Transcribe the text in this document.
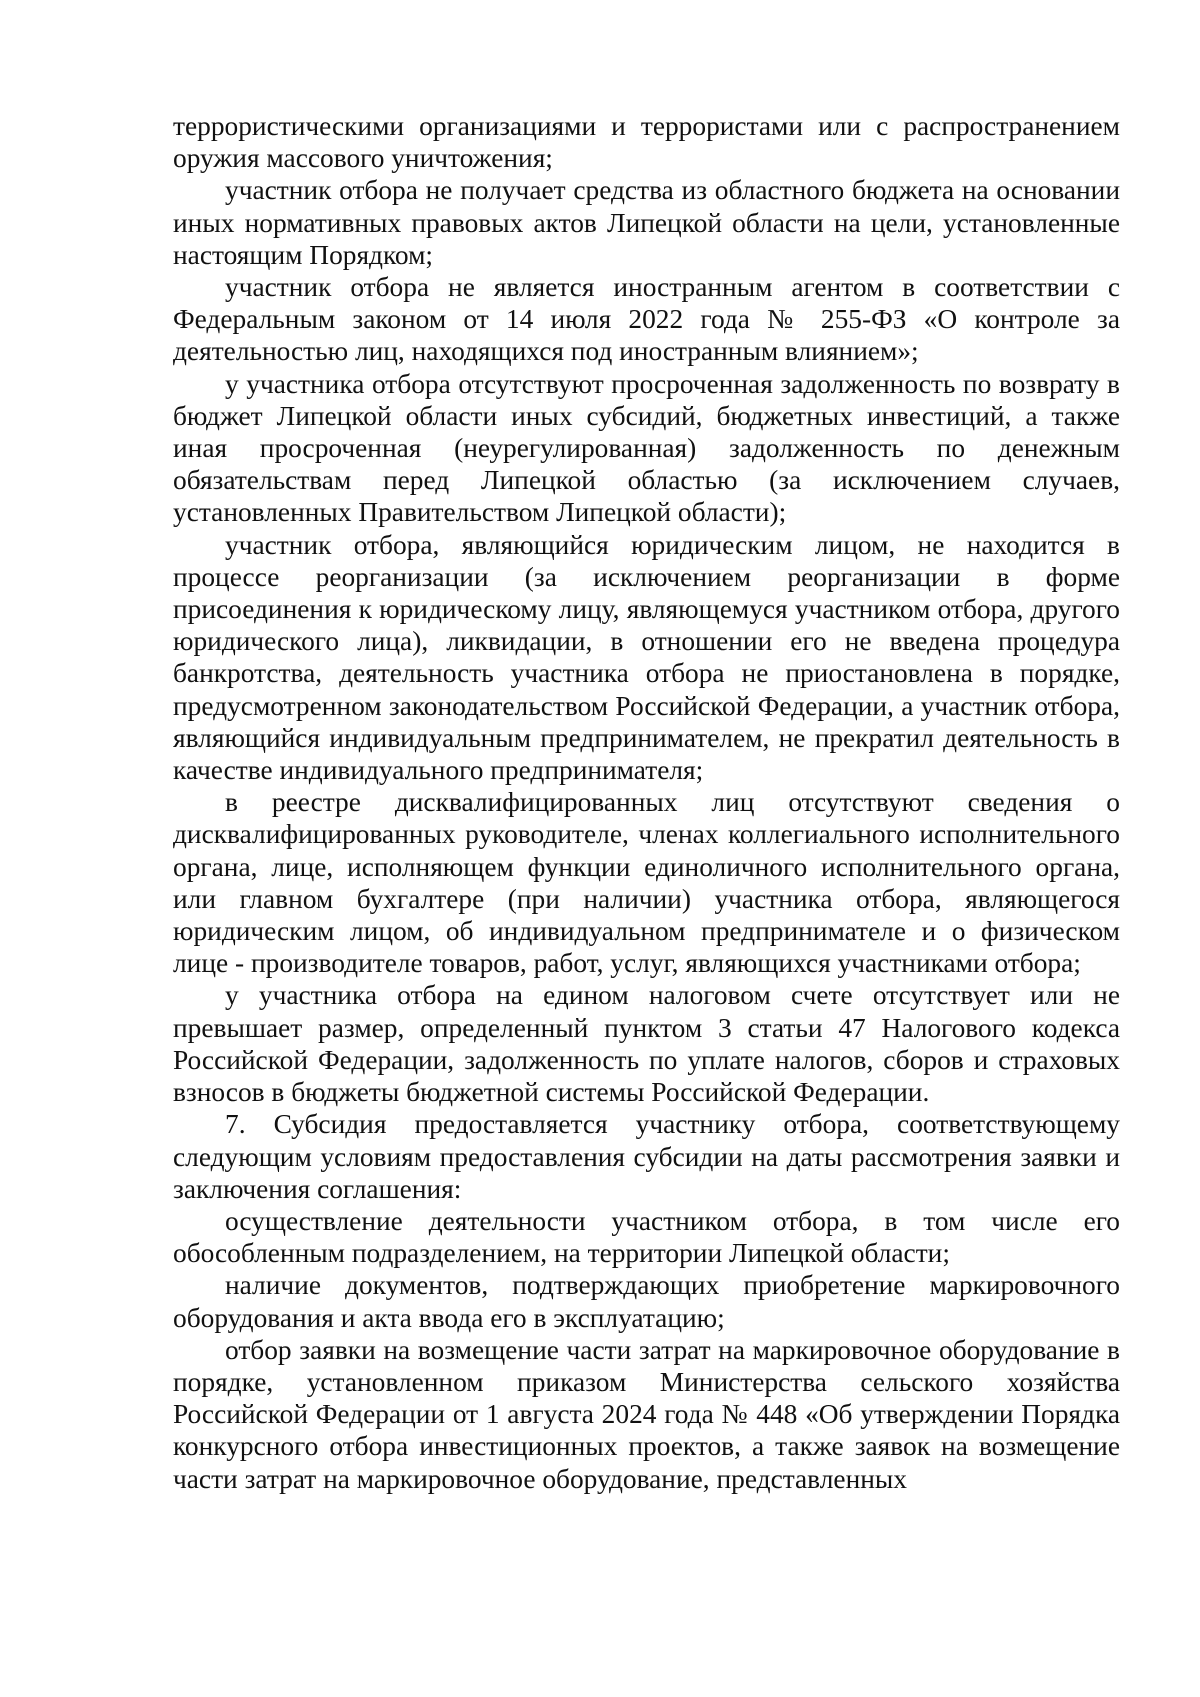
террористическими организациями и террористами или с распространением оружия массового уничтожения;

участник отбора не получает средства из областного бюджета на основании иных нормативных правовых актов Липецкой области на цели, установленные настоящим Порядком;

участник отбора не является иностранным агентом в соответствии с Федеральным законом от 14 июля 2022 года № 255-ФЗ «О контроле за деятельностью лиц, находящихся под иностранным влиянием»;

у участника отбора отсутствуют просроченная задолженность по возврату в бюджет Липецкой области иных субсидий, бюджетных инвестиций, а также иная просроченная (неурегулированная) задолженность по денежным обязательствам перед Липецкой областью (за исключением случаев, установленных Правительством Липецкой области);

участник отбора, являющийся юридическим лицом, не находится в процессе реорганизации (за исключением реорганизации в форме присоединения к юридическому лицу, являющемуся участником отбора, другого юридического лица), ликвидации, в отношении его не введена процедура банкротства, деятельность участника отбора не приостановлена в порядке, предусмотренном законодательством Российской Федерации, а участник отбора, являющийся индивидуальным предпринимателем, не прекратил деятельность в качестве индивидуального предпринимателя;

в реестре дисквалифицированных лиц отсутствуют сведения о дисквалифицированных руководителе, членах коллегиального исполнительного органа, лице, исполняющем функции единоличного исполнительного органа, или главном бухгалтере (при наличии) участника отбора, являющегося юридическим лицом, об индивидуальном предпринимателе и о физическом лице - производителе товаров, работ, услуг, являющихся участниками отбора;

у участника отбора на едином налоговом счете отсутствует или не превышает размер, определенный пунктом 3 статьи 47 Налогового кодекса Российской Федерации, задолженность по уплате налогов, сборов и страховых взносов в бюджеты бюджетной системы Российской Федерации.

7. Субсидия предоставляется участнику отбора, соответствующему следующим условиям предоставления субсидии на даты рассмотрения заявки и заключения соглашения:

осуществление деятельности участником отбора, в том числе его обособленным подразделением, на территории Липецкой области;

наличие документов, подтверждающих приобретение маркировочного оборудования и акта ввода его в эксплуатацию;

отбор заявки на возмещение части затрат на маркировочное оборудование в порядке, установленном приказом Министерства сельского хозяйства Российской Федерации от 1 августа 2024 года № 448 «Об утверждении Порядка конкурсного отбора инвестиционных проектов, а также заявок на возмещение части затрат на маркировочное оборудование, представленных
